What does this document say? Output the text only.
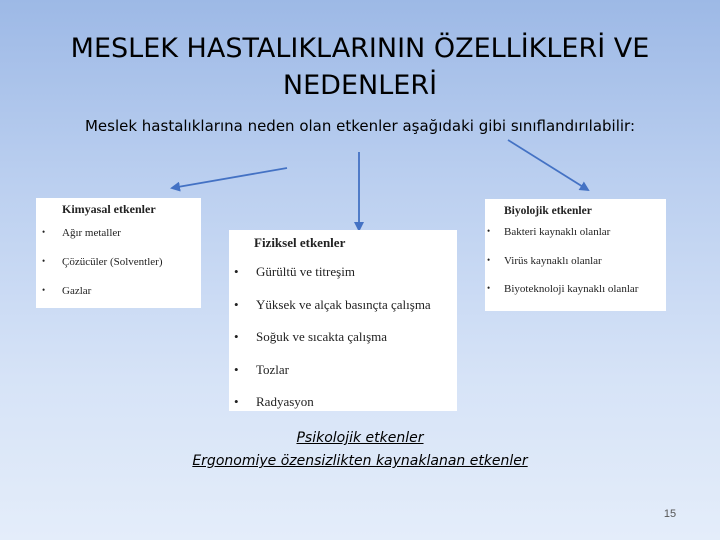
MESLEK HASTALIKLARININ ÖZELLİKLERİ VE NEDENLERİ
Meslek hastalıklarına neden olan etkenler aşağıdaki gibi sınıflandırılabilir:
Kimyasal etkenler
• Ağır metaller
• Çözücüler (Solventler)
• Gazlar
Fiziksel etkenler
• Gürültü ve titreşim
• Yüksek ve alçak basınçta çalışma
• Soğuk ve sıcakta çalışma
• Tozlar
• Radyasyon
Biyolojik etkenler
• Bakteri kaynaklı olanlar
• Virüs kaynaklı olanlar
• Biyoteknoloji kaynaklı olanlar
Psikolojik etkenler
Ergonomiye özensizlikten kaynaklanan etkenler
15
